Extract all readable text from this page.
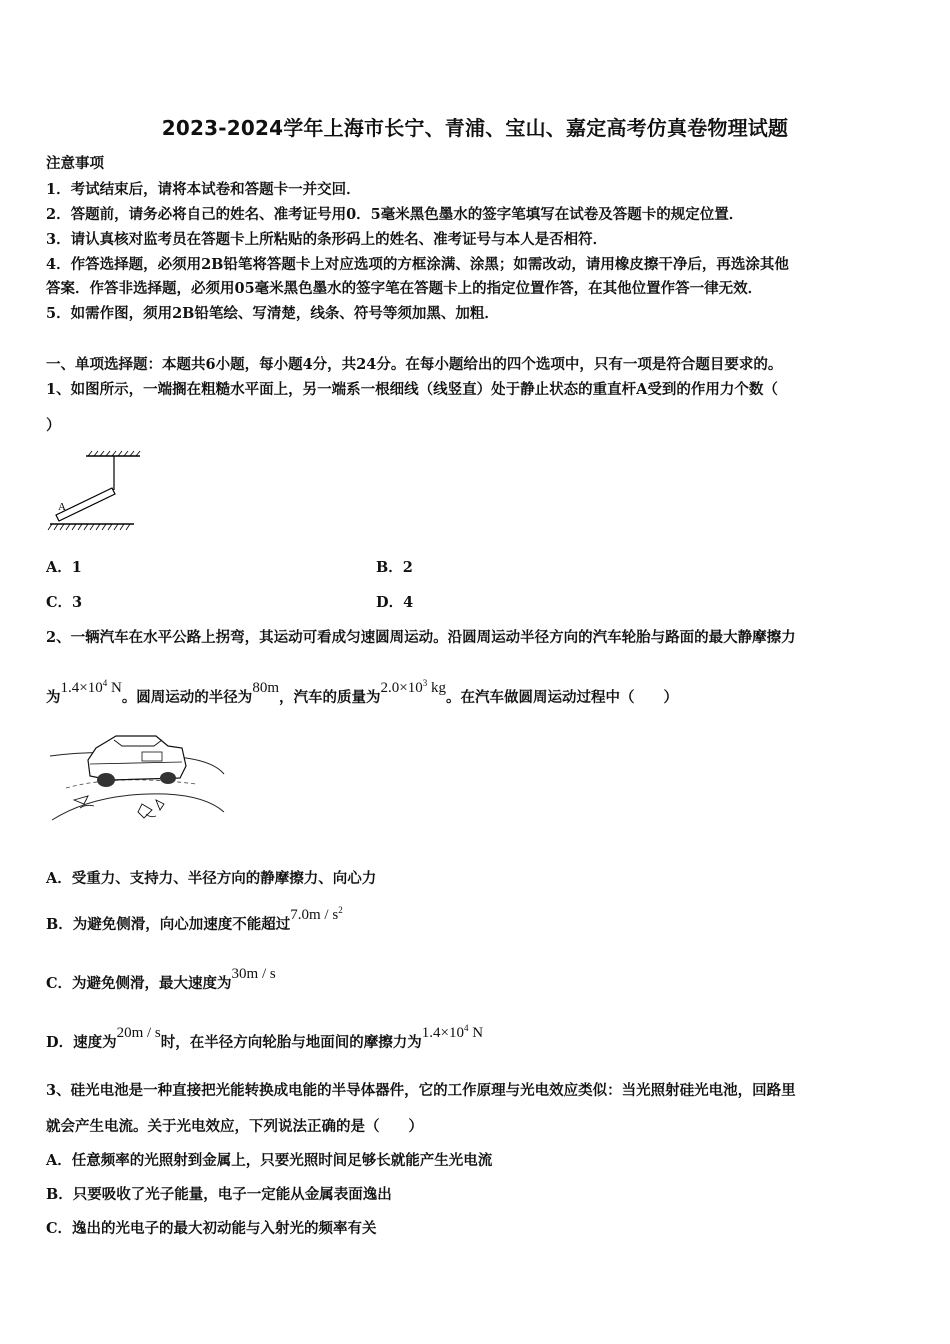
2023-2024学年上海市长宁、青浦、宝山、嘉定高考仿真卷物理试题
注意事项
1．考试结束后，请将本试卷和答题卡一并交回．
2．答题前，请务必将自己的姓名、准考证号用0．5毫米黑色墨水的签字笔填写在试卷及答题卡的规定位置．
3．请认真核对监考员在答题卡上所粘贴的条形码上的姓名、准考证号与本人是否相符．
4．作答选择题，必须用2B铅笔将答题卡上对应选项的方框涂满、涂黑；如需改动，请用橡皮擦干净后，再选涂其他
答案．作答非选择题，必须用05毫米黑色墨水的签字笔在答题卡上的指定位置作答，在其他位置作答一律无效．
5．如需作图，须用2B铅笔绘、写清楚，线条、符号等须加黑、加粗．
一、单项选择题：本题共6小题，每小题4分，共24分。在每小题给出的四个选项中，只有一项是符合题目要求的。
1、如图所示，一端搁在粗糙水平面上，另一端系一根细线（线竖直）处于静止状态的重直杆A受到的作用力个数（
）
A
A．1	B．2
C．3	D．4
2、一辆汽车在水平公路上拐弯，其运动可看成匀速圆周运动。沿圆周运动半径方向的汽车轮胎与路面的最大静摩擦力
为$1.4\times 10^4$ N。圆周运动的半径为80m，汽车的质量为$2.0\times 10^3$ kg。在汽车做圆周运动过程中（　　）
A．受重力、支持力、半径方向的静摩擦力、向心力
B．为避免侧滑，向心加速度不能超过$7.0m / s^2$
C．为避免侧滑，最大速度为30m / s
D．速度为20m / s时，在半径方向轮胎与地面间的摩擦力为$1.4\times 10^4$ N
3、硅光电池是一种直接把光能转换成电能的半导体器件，它的工作原理与光电效应类似：当光照射硅光电池，回路里
就会产生电流。关于光电效应，下列说法正确的是（　　）
A．任意频率的光照射到金属上，只要光照时间足够长就能产生光电流
B．只要吸收了光子能量，电子一定能从金属表面逸出
C．逸出的光电子的最大初动能与入射光的频率有关
